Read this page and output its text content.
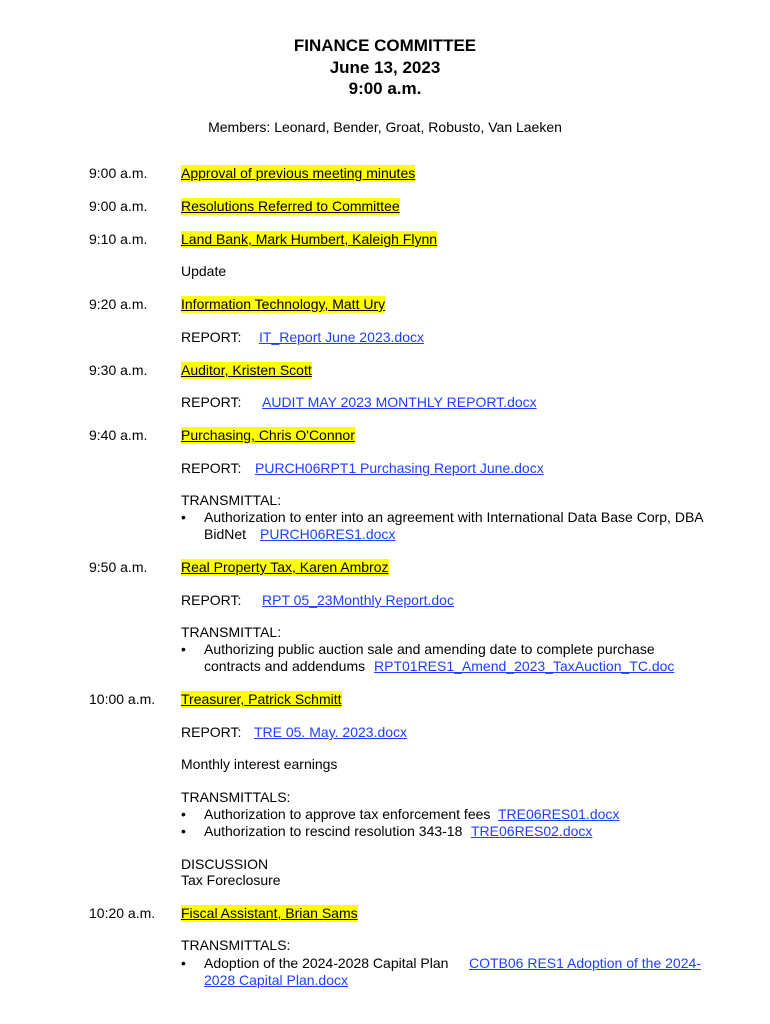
FINANCE COMMITTEE
June 13, 2023
9:00 a.m.
Members: Leonard, Bender, Groat, Robusto, Van Laeken
9:00 a.m. Approval of previous meeting minutes
9:00 a.m. Resolutions Referred to Committee
9:10 a.m. Land Bank, Mark Humbert, Kaleigh Flynn
Update
9:20 a.m. Information Technology, Matt Ury
REPORT: IT_Report June 2023.docx
9:30 a.m. Auditor, Kristen Scott
REPORT: AUDIT MAY 2023 MONTHLY REPORT.docx
9:40 a.m. Purchasing, Chris O'Connor
REPORT: PURCH06RPT1 Purchasing Report June.docx
TRANSMITTAL:
• Authorization to enter into an agreement with International Data Base Corp, DBA
BidNet PURCH06RES1.docx
9:50 a.m. Real Property Tax, Karen Ambroz
REPORT: RPT 05_23Monthly Report.doc
TRANSMITTAL:
• Authorizing public auction sale and amending date to complete purchase
contracts and addendums RPT01RES1_Amend_2023_TaxAuction_TC.doc
10:00 a.m. Treasurer, Patrick Schmitt
REPORT: TRE 05. May. 2023.docx
Monthly interest earnings
TRANSMITTALS:
• Authorization to approve tax enforcement fees TRE06RES01.docx
• Authorization to rescind resolution 343-18 TRE06RES02.docx
DISCUSSION
Tax Foreclosure
10:20 a.m. Fiscal Assistant, Brian Sams
TRANSMITTALS:
• Adoption of the 2024-2028 Capital Plan COTB06 RES1 Adoption of the 2024-
2028 Capital Plan.docx
